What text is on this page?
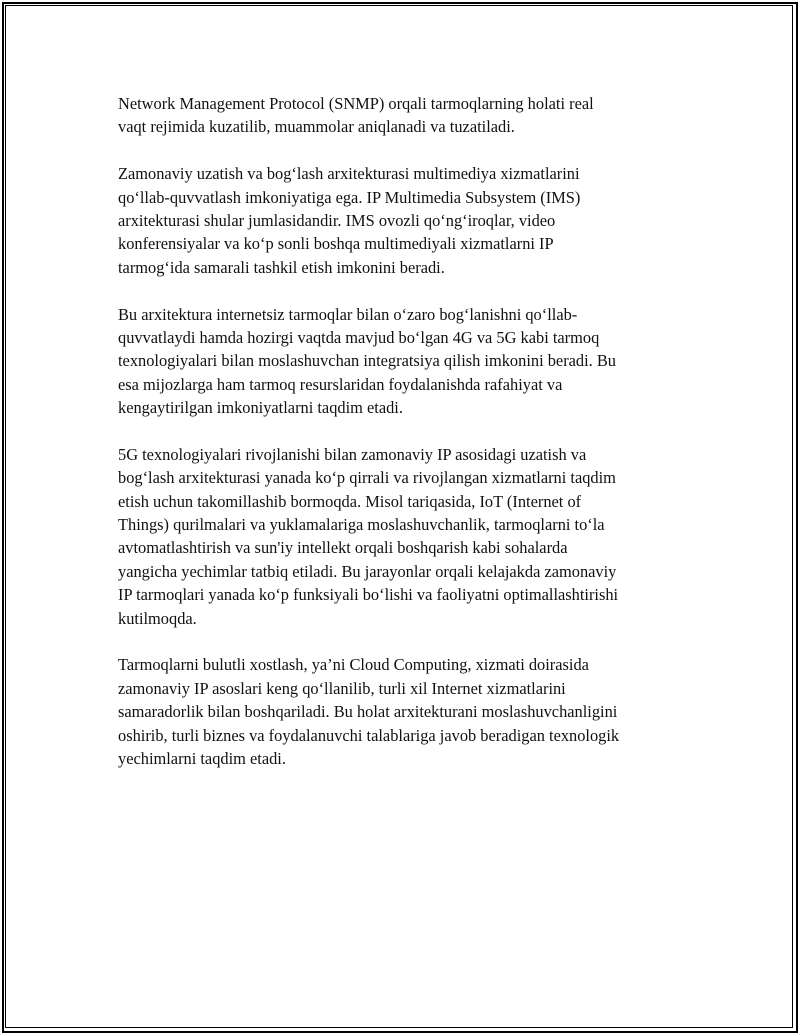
Network Management Protocol (SNMP) orqali tarmoqlarning holati real
vaqt rejimida kuzatilib, muammolar aniqlanadi va tuzatiladi.
Zamonaviy uzatish va bog‘lash arxitekturasi multimediya xizmatlarini
qo‘llab-quvvatlash imkoniyatiga ega. IP Multimedia Subsystem (IMS)
arxitekturasi shular jumlasidandir. IMS ovozli qo‘ng‘iroqlar, video
konferensiyalar va ko‘p sonli boshqa multimediyali xizmatlarni IP
tarmog‘ida samarali tashkil etish imkonini beradi.
Bu arxitektura internetsiz tarmoqlar bilan o‘zaro bog‘lanishni qo‘llab-
quvvatlaydi hamda hozirgi vaqtda mavjud bo‘lgan 4G va 5G kabi tarmoq
texnologiyalari bilan moslashuvchan integratsiya qilish imkonini beradi. Bu
esa mijozlarga ham tarmoq resurslaridan foydalanishda rafahiyat va
kengaytirilgan imkoniyatlarni taqdim etadi.
5G texnologiyalari rivojlanishi bilan zamonaviy IP asosidagi uzatish va
bog‘lash arxitekturasi yanada ko‘p qirrali va rivojlangan xizmatlarni taqdim
etish uchun takomillashib bormoqda. Misol tariqasida, IoT (Internet of
Things) qurilmalari va yuklamalariga moslashuvchanlik, tarmoqlarni to‘la
avtomatlashtirish va sun'iy intellekt orqali boshqarish kabi sohalarda
yangicha yechimlar tatbiq etiladi. Bu jarayonlar orqali kelajakda zamonaviy
IP tarmoqlari yanada ko‘p funksiyali bo‘lishi va faoliyatni optimallashtirishi
kutilmoqda.
Tarmoqlarni bulutli xostlash, ya’ni Cloud Computing, xizmati doirasida
zamonaviy IP asoslari keng qo‘llanilib, turli xil Internet xizmatlarini
samaradorlik bilan boshqariladi. Bu holat arxitekturani moslashuvchanligini
oshirib, turli biznes va foydalanuvchi talablariga javob beradigan texnologik
yechimlarni taqdim etadi.
